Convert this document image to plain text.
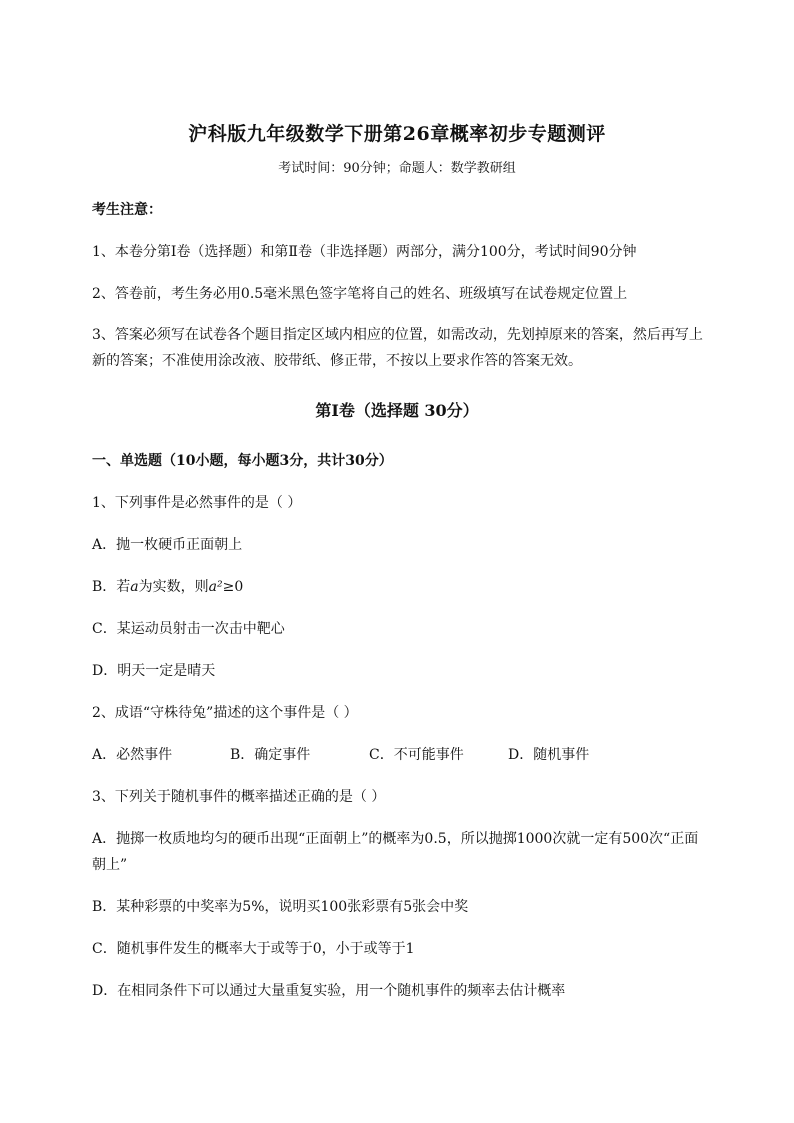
沪科版九年级数学下册第26章概率初步专题测评
考试时间：90分钟；命题人：数学教研组
考生注意：
1、本卷分第I卷（选择题）和第Ⅱ卷（非选择题）两部分，满分100分，考试时间90分钟
2、答卷前，考生务必用0.5毫米黑色签字笔将自己的姓名、班级填写在试卷规定位置上
3、答案必须写在试卷各个题目指定区域内相应的位置，如需改动，先划掉原来的答案，然后再写上新的答案；不准使用涂改液、胶带纸、修正带，不按以上要求作答的答案无效。
第I卷（选择题 30分）
一、单选题（10小题，每小题3分，共计30分）
1、下列事件是必然事件的是（ ）
A．抛一枚硬币正面朝上
B．若a为实数，则a²≥0
C．某运动员射击一次击中靶心
D．明天一定是晴天
2、成语“守株待兔”描述的这个事件是（ ）
A．必然事件	B．确定事件	C．不可能事件	D．随机事件
3、下列关于随机事件的概率描述正确的是（ ）
A．抛掷一枚质地均匀的硬币出现“正面朝上”的概率为0.5，所以抛掷1000次就一定有500次“正面朝上”
B．某种彩票的中奖率为5%，说明买100张彩票有5张会中奖
C．随机事件发生的概率大于或等于0，小于或等于1
D．在相同条件下可以通过大量重复实验，用一个随机事件的频率去估计概率
